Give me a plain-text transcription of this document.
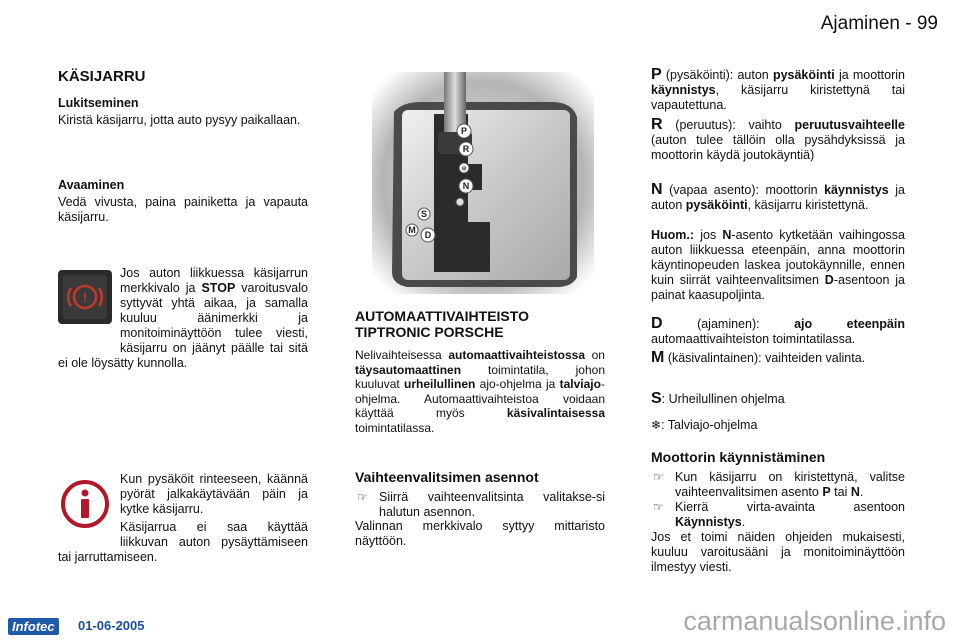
Ajaminen - 99
KÄSIJARRU
Lukitseminen
Kiristä käsijarru, jotta auto pysyy paikallaan.
Avaaminen
Vedä vivusta, paina painiketta ja vapauta käsijarru.
!
Jos auton liikkuessa käsijarrun merkkivalo ja STOP varoitusvalo syttyvät yhtä aikaa, ja samalla kuuluu äänimerkki ja monitoiminäyttöön tulee viesti, käsijarru on jäänyt päälle tai sitä ei ole löysätty kunnolla.
Kun pysäköit rinteeseen, käännä pyörät jalkakäytävään päin ja kytke käsijarru.
Käsijarrua ei saa käyttää liikkuvan auton pysäyttämiseen tai jarruttamiseen.
P
R
N
D
S
M
❄
AUTOMAATTIVAIHTEISTO
TIPTRONIC PORSCHE
Nelivaihteisessa automaattivaihteistossa on täysautomaattinen toimintatila, johon kuuluvat urheilullinen ajo-ohjelma ja talviajo-ohjelma. Automaattivaihteistoa voidaan käyttää myös	käsivalintaisessa toimintatilassa.
Vaihteenvalitsimen asennot
☞ Siirrä vaihteenvalitsinta valitakse-si halutun asennon.
Valinnan merkkivalo syttyy mittaristo näyttöön.
P (pysäköinti): auton pysäköinti ja moottorin käynnistys, käsijarru kiristettynä tai vapautettuna.
R (peruutus): vaihto peruutusvaihteelle (auton tulee tällöin olla pysähdyksissä ja moottorin käydä joutokäyntiä)
N (vapaa asento): moottorin käynnistys ja auton pysäköinti, käsijarru kiristettynä.
Huom.: jos N-asento kytketään vaihingossa auton liikkuessa eteenpäin, anna moottorin käyntinopeuden laskea joutokäynnille, ennen kuin siirrät vaihteenvalitsimen D-asentoon ja painat kaasupoljinta.
D	(ajaminen):	ajo eteenpäin automaattivaihteiston toimintatilassa.
M (käsivalintainen): vaihteiden valinta.
S: Urheilullinen ohjelma
❄: Talviajo-ohjelma
Moottorin käynnistäminen
☞ Kun käsijarru on kiristettynä, valitse vaihteenvalitsimen asento P tai N.
☞ Kierrä virta-avainta asentoon Käynnistys.
Jos et toimi näiden ohjeiden mukaisesti, kuuluu varoitusääni ja monitoiminäyttöön ilmestyy viesti.
Infotec	01-06-2005	carmanualsonline.info
